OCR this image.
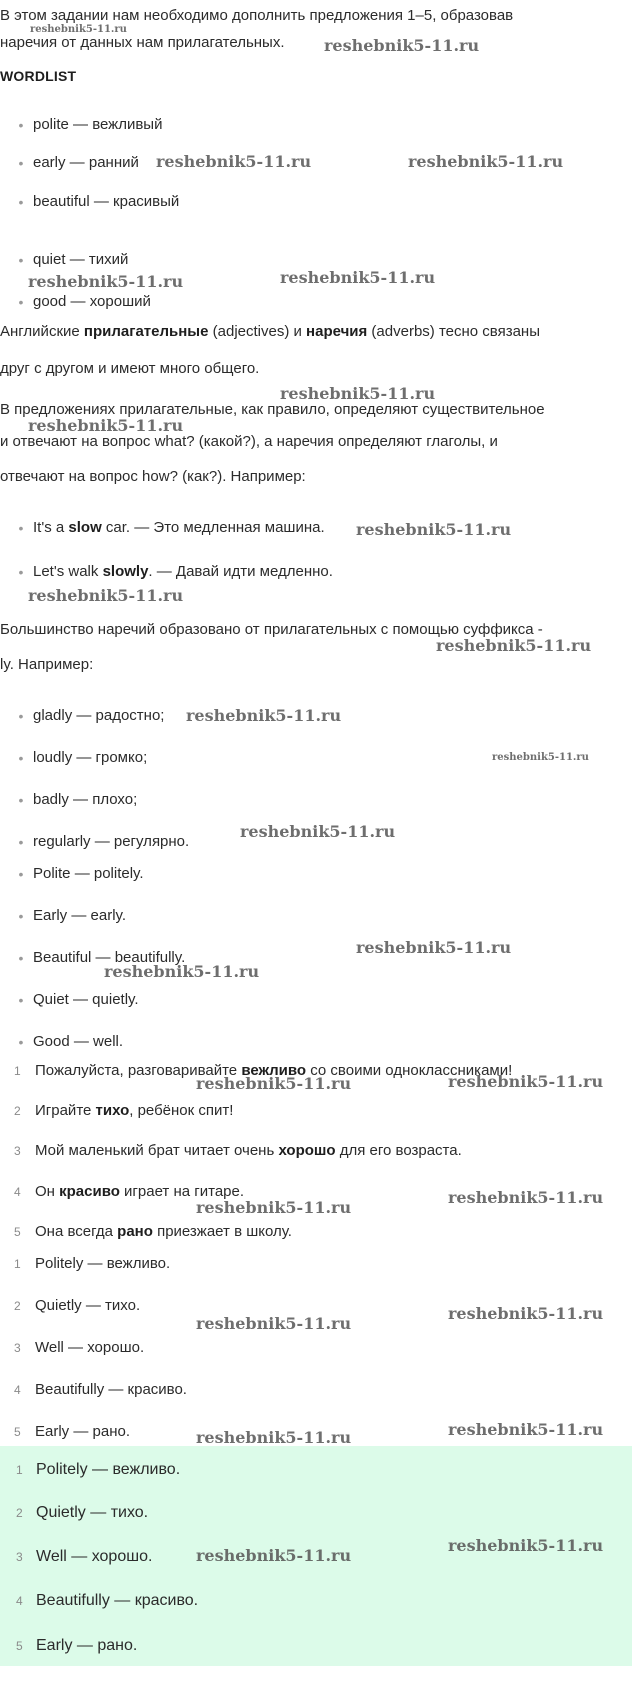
В этом задании нам необходимо дополнить предложения 1–5, образовав
наречия от данных нам прилагательных.
WORDLIST
•polite — вежливый
•early — ранний
•beautiful — красивый
•quiet — тихий
•good — хороший
Английские прилагательные (adjectives) и наречия (adverbs) тесно связаны
друг с другом и имеют много общего.
В предложениях прилагательные, как правило, определяют существительное
и отвечают на вопрос what? (какой?), а наречия определяют глаголы, и
отвечают на вопрос how? (как?). Например:
•It's a slow car. — Это медленная машина.
•Let's walk slowly. — Давай идти медленно.
Большинство наречий образовано от прилагательных с помощью суффикса -
ly. Например:
•gladly — радостно;
•loudly — громко;
•badly — плохо;
•regularly — регулярно.
•Polite — politely.
•Early — early.
•Beautiful — beautifully.
•Quiet — quietly.
•Good — well.
1 Пожалуйста, разговаривайте вежливо со своими одноклассниками!
2 Играйте тихо, ребёнок спит!
3 Мой маленький брат читает очень хорошо для его возраста.
4 Он красиво играет на гитаре.
5 Она всегда рано приезжает в школу.
1 Politely — вежливо.
2 Quietly — тихо.
3 Well — хорошо.
4 Beautifully — красиво.
5 Early — рано.
1 Politely — вежливо.
2 Quietly — тихо.
3 Well — хорошо.
4 Beautifully — красиво.
5 Early — рано.
reshebnik5-11.ru
reshebnik5-11.ru
reshebnik5-11.ru	reshebnik5-11.ru
reshebnik5-11.ru
reshebnik5-11.ru
reshebnik5-11.ru
reshebnik5-11.ru
reshebnik5-11.ru
reshebnik5-11.ru
reshebnik5-11.ru
reshebnik5-11.ru
reshebnik5-11.ru
reshebnik5-11.ru
reshebnik5-11.ru
reshebnik5-11.ru
reshebnik5-11.ru	reshebnik5-11.ru
reshebnik5-11.ru
reshebnik5-11.ru
reshebnik5-11.ru
reshebnik5-11.ru
reshebnik5-11.ru	reshebnik5-11.ru
reshebnik5-11.ru
reshebnik5-11.ru
